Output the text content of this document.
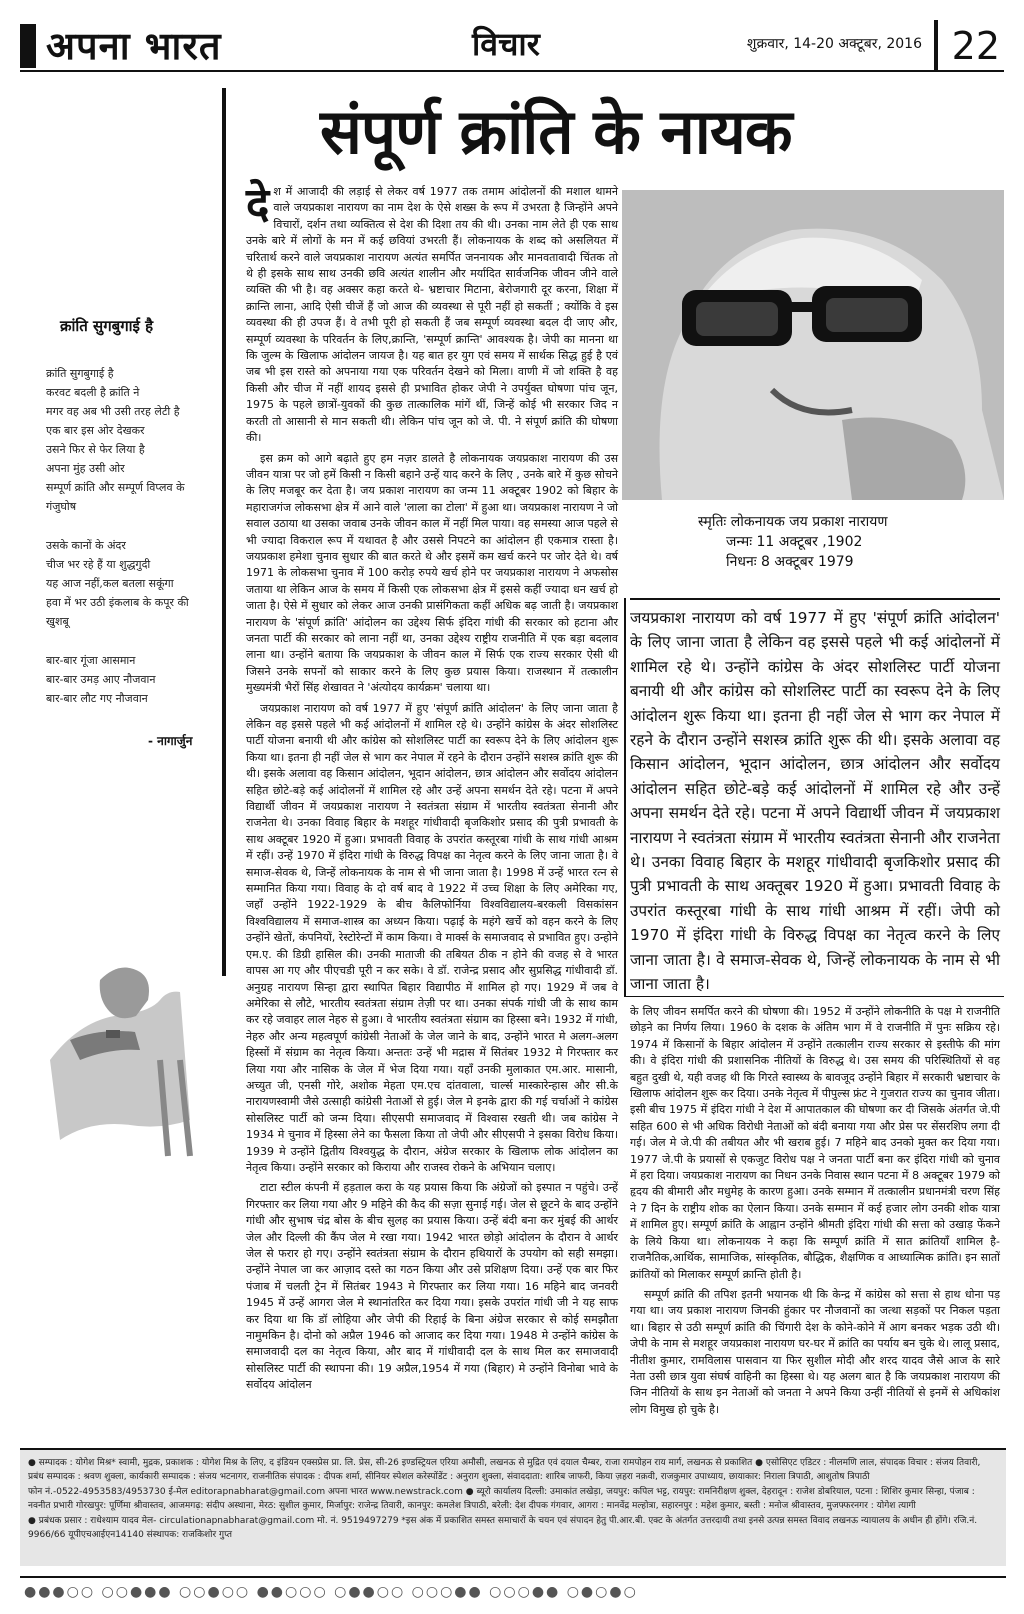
अपना भारत	विचार	शुक्रवार, 14-20 अक्टूबर, 2016 22
संपूर्ण क्रांति के नायक
क्रांति सुगबुगाई है
क्रांति सुगबुगाई है
करवट बदली है क्रांति ने
मगर वह अब भी उसी तरह लेटी है
एक बार इस ओर देखकर
उसने फिर से फेर लिया है
अपना मुंह उसी ओर
सम्पूर्ण क्रांति और सम्पूर्ण विप्लव के
गंजुघोष
उसके कानों के अंदर
चीज भर रहे हैं या शुद्धगुदी
यह आज नहीं,कल बतला सकूंगा
हवा में भर उठी इंकलाब के कपूर की
खुशबू
बार-बार गूंजा आसमान
बार-बार उमड़ आए नौजवान
बार-बार लौट गए नौजवान
- नागार्जुन

देश में आजादी की लड़ाई से लेकर वर्ष 1977 तक तमाम आंदोलनों की मशाल थामने वाले जयप्रकाश नारायण का नाम देश के ऐसे शख्स के रूप में उभरता है जिन्होंने अपने विचारों, दर्शन तथा व्यक्तित्व से देश की दिशा तय की थी। उनका नाम लेते ही एक साथ उनके बारे में लोगों के मन में कई छवियां उभरती हैं। लोकनायक के शब्द को असलियत में चरितार्थ करने वाले जयप्रकाश नारायण अत्यंत समर्पित जननायक और मानवतावादी चिंतक तो थे ही इसके साथ साथ उनकी छवि अत्यंत शालीन और मर्यादित सार्वजनिक जीवन जीने वाले व्यक्ति की भी है। वह अक्सर कहा करते थे- भ्रष्टाचार मिटाना, बेरोजगारी दूर करना, शिक्षा में क्रान्ति लाना, आदि ऐसी चीजें हैं जो आज की व्यवस्था से पूरी नहीं हो सकतीं ; क्योंकि वे इस व्यवस्था की ही उपज हैं। वे तभी पूरी हो सकती हैं जब सम्पूर्ण व्यवस्था बदल दी जाए और, सम्पूर्ण व्यवस्था के परिवर्तन के लिए,क्रान्ति, 'सम्पूर्ण क्रान्ति' आवश्यक है। जेपी का मानना था कि जुल्म के खिलाफ आंदोलन जायज है। यह बात हर युग एवं समय में सार्थक सिद्ध हुई है एवं जब भी इस रास्ते को अपनाया गया एक परिवर्तन देखने को मिला। वाणी में जो शक्ति है वह किसी और चीज में नहीं शायद इससे ही प्रभावित होकर जेपी ने उपर्युक्त घोषणा पांच जून, 1975 के पहले छात्रों-युवकों की कुछ तात्कालिक मांगें थीं, जिन्हें कोई भी सरकार जिद न करती तो आसानी से मान सकती थी। लेकिन पांच जून को जे. पी. ने संपूर्ण क्रांति की घोषणा की।

इस क्रम को आगे बढ़ाते हुए हम नज़र डालते है लोकनायक जयप्रकाश नारायण की उस जीवन यात्रा पर जो हमें किसी न किसी बहाने उन्हें याद करने के लिए , उनके बारे में कुछ सोचने के लिए मजबूर कर देता है। जय प्रकाश नारायण का जन्म 11 अक्टूबर 1902 को बिहार के महाराजगंज लोकसभा क्षेत्र में आने वाले 'लाला का टोला' में हुआ था। जयप्रकाश नारायण ने जो सवाल उठाया था उसका जवाब उनके जीवन काल में नहीं मिल पाया। वह समस्या आज पहले से भी ज्यादा विकराल रूप में यथावत है और उससे निपटने का आंदोलन ही एकमात्र रास्ता है। जयप्रकाश हमेशा चुनाव सुधार की बात करते थे और इसमें कम खर्च करने पर जोर देते थे। वर्ष 1971 के लोकसभा चुनाव में 100 करोड़ रुपये खर्च होने पर जयप्रकाश नारायण ने अफसोस जताया था लेकिन आज के समय में किसी एक लोकसभा क्षेत्र में इससे कहीं ज्यादा धन खर्च हो जाता है। ऐसे में सुधार को लेकर आज उनकी प्रासंगिकता कहीं अधिक बढ़ जाती है। जयप्रकाश नारायण के 'संपूर्ण क्रांति' आंदोलन का उद्देश्य सिर्फ इंदिरा गांधी की सरकार को हटाना और जनता पार्टी की सरकार को लाना नहीं था, उनका उद्देश्य राष्ट्रीय राजनीति में एक बड़ा बदलाव लाना था। उन्होंने बताया कि जयप्रकाश के जीवन काल में सिर्फ एक राज्य सरकार ऐसी थी जिसने उनके सपनों को साकार करने के लिए कुछ प्रयास किया। राजस्थान में तत्कालीन मुख्यमंत्री भैरों सिंह शेखावत ने 'अंत्योदय कार्यक्रम' चलाया था।

जयप्रकाश नारायण को वर्ष 1977 में हुए 'संपूर्ण क्रांति आंदोलन' के लिए जाना जाता है लेकिन वह इससे पहले भी कई आंदोलनों में शामिल रहे थे। उन्होंने कांग्रेस के अंदर सोशलिस्ट पार्टी योजना बनायी थी और कांग्रेस को सोशलिस्ट पार्टी का स्वरूप देने के लिए आंदोलन शुरू किया था। इतना ही नहीं जेल से भाग कर नेपाल में रहने के दौरान उन्होंने सशस्त्र क्रांति शुरू की थी। इसके अलावा वह किसान आंदोलन, भूदान आंदोलन, छात्र आंदोलन और सर्वोदय आंदोलन सहित छोटे-बड़े कई आंदोलनों में शामिल रहे और उन्हें अपना समर्थन देते रहे। पटना में अपने विद्यार्थी जीवन में जयप्रकाश नारायण ने स्वतंत्रता संग्राम में भारतीय स्वतंत्रता सेनानी और राजनेता थे। उनका विवाह बिहार के मशहूर गांधीवादी बृजकिशोर प्रसाद की पुत्री प्रभावती के साथ अक्टूबर 1920 में हुआ। प्रभावती विवाह के उपरांत कस्तूरबा गांधी के साथ गांधी आश्रम में रहीं। उन्हें 1970 में इंदिरा गांधी के विरुद्ध विपक्ष का नेतृत्व करने के लिए जाना जाता है। वे समाज-सेवक थे, जिन्हें लोकनायक के नाम से भी जाना जाता है। 1998 में उन्हें भारत रत्न से सम्मानित किया गया। विवाह के दो वर्ष बाद वे 1922 में उच्च शिक्षा के लिए अमेरिका गए, जहाँ उन्होंने 1922-1929 के बीच कैलिफोर्निया विश्वविद्यालय-बरकली विसकांसन विश्वविद्यालय में समाज-शास्त्र का अध्यन किया। पढ़ाई के महंगे खर्चे को वहन करने के लिए उन्होंने खेतों, कंपनियों, रेस्टोरेन्टों में काम किया। वे मार्क्स के समाजवाद से प्रभावित हुए। उन्होने एम.ए. की डिग्री हासिल की। उनकी माताजी की तबियत ठीक न होने की वजह से वे भारत वापस आ गए और पीएचडी पूरी न कर सके। वे डॉ. राजेन्द्र प्रसाद और सुप्रसिद्ध गांधीवादी डॉ. अनुग्रह नारायण सिन्हा द्वारा स्थापित बिहार विद्यापीठ में शामिल हो गए। 1929 में जब वे अमेरिका से लौटे, भारतीय स्वतंत्रता संग्राम तेज़ी पर था। उनका संपर्क गांधी जी के साथ काम कर रहे जवाहर लाल नेहरु से हुआ। वे भारतीय स्वतंत्रता संग्राम का हिस्सा बने। 1932 में गांधी, नेहरु और अन्य महत्वपूर्ण कांग्रेसी नेताओं के जेल जाने के बाद, उन्होंने भारत मे अलग-अलग हिस्सों में संग्राम का नेतृत्व किया। अन्ततः उन्हें भी मद्रास में सितंबर 1932 मे गिरफ्तार कर लिया गया और नासिक के जेल में भेज दिया गया। यहाँ उनकी मुलाकात एम.आर. मासानी, अच्युत जी, एनसी गोरे, अशोक मेहता एम.एच दांतवाला, चार्ल्स मास्कारेन्हास और सी.के नारायणस्वामी जैसे उत्साही कांग्रेसी नेताओं से हुई। जेल मे इनके द्वारा की गई चर्चाओं ने कांग्रेस सोसलिस्ट पार्टी को जन्म दिया। सीएसपी समाजवाद में विश्वास रखती थी। जब कांग्रेस ने 1934 मे चुनाव में हिस्सा लेने का फैसला किया तो जेपी और सीएसपी ने इसका विरोध किया। 1939 मे उन्होंने द्वितीय विश्वयुद्ध के दौरान, अंग्रेज सरकार के खिलाफ लोक आंदोलन का नेतृत्व किया। उन्होंने सरकार को किराया और राजस्व रोकने के अभियान चलाए।

टाटा स्टील कंपनी में हड़ताल करा के यह प्रयास किया कि अंग्रेजों को इस्पात न पहुंचे। उन्हें गिरफ्तार कर लिया गया और 9 महिने की कैद की सज़ा सुनाई गई। जेल से छूटने के बाद उन्होंने गांधी और सुभाष चंद्र बोस के बीच सुलह का प्रयास किया। उन्हें बंदी बना कर मुंबई की आर्थर जेल और दिल्ली की कैंप जेल मे रखा गया। 1942 भारत छोड़ो आंदोलन के दौरान वे आर्थर जेल से फरार हो गए। उन्होंने स्वतंत्रता संग्राम के दौरान हथियारों के उपयोग को सही समझा। उन्होंने नेपाल जा कर आज़ाद दस्ते का गठन किया और उसे प्रशिक्षण दिया। उन्हें एक बार फिर पंजाब में चलती ट्रेन में सितंबर 1943 मे गिरफ्तार कर लिया गया। 16 महिने बाद जनवरी 1945 में उन्हें आगरा जेल मे स्थानांतरित कर दिया गया। इसके उपरांत गांधी जी ने यह साफ कर दिया था कि डॉ लोहिया और जेपी की रिहाई के बिना अंग्रेज सरकार से कोई समझौता नामुमकिन है। दोनो को अप्रैल 1946 को आजाद कर दिया गया। 1948 मे उन्होंने कांग्रेस के समाजवादी दल का नेतृत्व किया, और बाद में गांधीवादी दल के साथ मिल कर समाजवादी सोसलिस्ट पार्टी की स्थापना की। 19 अप्रैल,1954 में गया (बिहार) मे उन्होंने विनोबा भावे के सर्वोदय आंदोलन

स्मृतिः लोकनायक जय प्रकाश नारायण
जन्मः 11 अक्टूबर ,1902
निधनः 8 अक्टूबर 1979
जयप्रकाश नारायण को वर्ष 1977 में हुए 'संपूर्ण क्रांति आंदोलन' के लिए जाना जाता है लेकिन वह इससे पहले भी कई आंदोलनों में शामिल रहे थे। उन्होंने कांग्रेस के अंदर सोशलिस्ट पार्टी योजना बनायी थी और कांग्रेस को सोशलिस्ट पार्टी का स्वरूप देने के लिए आंदोलन शुरू किया था। इतना ही नहीं जेल से भाग कर नेपाल में रहने के दौरान उन्होंने सशस्त्र क्रांति शुरू की थी। इसके अलावा वह किसान आंदोलन, भूदान आंदोलन, छात्र आंदोलन और सर्वोदय आंदोलन सहित छोटे-बड़े कई आंदोलनों में शामिल रहे और उन्हें अपना समर्थन देते रहे। पटना में अपने विद्यार्थी जीवन में जयप्रकाश नारायण ने स्वतंत्रता संग्राम में भारतीय स्वतंत्रता सेनानी और राजनेता थे। उनका विवाह बिहार के मशहूर गांधीवादी बृजकिशोर प्रसाद की पुत्री प्रभावती के साथ अक्तूबर 1920 में हुआ। प्रभावती विवाह के उपरांत कस्तूरबा गांधी के साथ गांधी आश्रम में रहीं। जेपी को 1970 में इंदिरा गांधी के विरुद्ध विपक्ष का नेतृत्व करने के लिए जाना जाता है। वे समाज-सेवक थे, जिन्हें लोकनायक के नाम से भी जाना जाता है।

के लिए जीवन समर्पित करने की घोषणा की। 1952 में उन्होंने लोकनीति के पक्ष मे राजनीति छोड़ने का निर्णय लिया। 1960 के दशक के अंतिम भाग में वे राजनीति में पुनः सक्रिय रहे। 1974 में किसानों के बिहार आंदोलन में उन्होंने तत्कालीन राज्य सरकार से इस्तीफे की मांग की। वे इंदिरा गांधी की प्रशासनिक नीतियों के विरुद्ध थे। उस समय की परिस्थितियों से वह बहुत दुखी थे, यही वजह थी कि गिरते स्वास्थ्य के बावजूद उन्होंने बिहार में सरकारी भ्रष्टाचार के खिलाफ आंदोलन शुरू कर दिया। उनके नेतृत्व में पीपुल्स फ्रंट ने गुजरात राज्य का चुनाव जीता। इसी बीच 1975 में इंदिरा गांधी ने देश में आपातकाल की घोषणा कर दी जिसके अंतर्गत जे.पी सहित 600 से भी अधिक विरोधी नेताओं को बंदी बनाया गया और प्रेस पर सेंसरशिप लगा दी गई। जेल मे जे.पी की तबीयत और भी खराब हुई। 7 महिने बाद उनको मुक्त कर दिया गया। 1977 जे.पी के प्रयासों से एकजुट विरोध पक्ष ने जनता पार्टी बना कर इंदिरा गांधी को चुनाव में हरा दिया। जयप्रकाश नारायण का निधन उनके निवास स्थान पटना में 8 अक्टूबर 1979 को हृदय की बीमारी और मधुमेह के कारण हुआ। उनके सम्मान में तत्कालीन प्रधानमंत्री चरण सिंह ने 7 दिन के राष्ट्रीय शोक का ऐलान किया। उनके सम्मान में कई हजार लोग उनकी शोक यात्रा में शामिल हुए। सम्पूर्ण क्रांति के आह्वान उन्होंने श्रीमती इंदिरा गांधी की सत्ता को उखाड़ फेंकने के लिये किया था। लोकनायक ने कहा कि सम्पूर्ण क्रांति में सात क्रांतियाँ शामिल है-राजनैतिक,आर्थिक, सामाजिक, सांस्कृतिक, बौद्धिक, शैक्षणिक व आध्यात्मिक क्रांति। इन सातों क्रांतियों को मिलाकर सम्पूर्ण क्रान्ति होती है।

सम्पूर्ण क्रांति की तपिश इतनी भयानक थी कि केन्द्र में कांग्रेस को सत्ता से हाथ धोना पड़ गया था। जय प्रकाश नारायण जिनकी हुंकार पर नौजवानों का जत्था सड़कों पर निकल पड़ता था। बिहार से उठी सम्पूर्ण क्रांति की चिंगारी देश के कोने-कोने में आग बनकर भड़क उठी थी। जेपी के नाम से मशहूर जयप्रकाश नारायण घर-घर में क्रांति का पर्याय बन चुके थे। लालू प्रसाद, नीतीश कुमार, रामविलास पासवान या फिर सुशील मोदी और शरद यादव जैसे आज के सारे नेता उसी छात्र युवा संघर्ष वाहिनी का हिस्सा थे। यह अलग बात है कि जयप्रकाश नारायण की जिन नीतियों के साथ इन नेताओं को जनता ने अपने किया उन्हीं नीतियों से इनमें से अधिकांश लोग विमुख हो चुके है।

● सम्पादक : योगेश मिश्र* स्वामी, मुद्रक, प्रकाशक : योगेश मिश्र के लिए, द इंडियन एक्सप्रेस प्रा. लि. प्रेस, सी-26 इण्डस्ट्रियल एरिया अमौसी, लखनऊ से मुद्रित एवं दयाल चैम्बर, राजा रामपोहन राय मार्ग, लखनऊ से प्रकाशित ● एसोसिएट एडिटर : नीलमणि लाल, संपादक विचार : संजय तिवारी, प्रबंध सम्पादक : श्रवण शुक्ला, कार्यकारी सम्पादक : संजय भटनागर, राजनीतिक संपादक : दीपक शर्मा, सीनियर स्पेशल करेस्पोंडेंट : अनुराग शुक्ला, संवाददाता: शारिब जाफरी, किया ज़हरा नक़वी, राजकुमार उपाध्याय, छायाकार: निराला त्रिपाठी, आशुतोष त्रिपाठी

फोन नं.-0522-4953583/4953730 ई-मेल editorapnabharat@gmail.com अपना भारत www.newstrack.com ● ब्यूरो कार्यालय दिल्ली: उमाकांत लखेड़ा, जयपुर: कपिल भट्ट, रायपुर: रामनिरीक्षण शुक्ल, देहरादून : राजेश डोबरियाल, पटना : शिशिर कुमार सिन्हा, पंजाब : नवनीत प्रभारी गोरखपुर: पूर्णिमा श्रीवास्तव, आजमगढ़: संदीप अस्थाना, मेरठ: सुशील कुमार, मिर्जापुर: राजेन्द्र तिवारी, कानपुर: कमलेश त्रिपाठी, बरेली: देश दीपक गंगवार, आगरा : मानवेंद्र मल्होत्रा, सहारनपुर : महेश कुमार, बस्ती : मनोज श्रीवास्तव, मुजफ्फरनगर : योगेश त्यागी

● प्रबंधक प्रसार : राधेश्याम यादव मेल- circulationapnabharat@gmail.com मो. नं. 9519497279 *इस अंक में प्रकाशित समस्त समाचारों के चयन एवं संपादन हेतु पी.आर.बी. एक्ट के अंतर्गत उत्तरदायी तथा इनसे उत्पन्न समस्त विवाद लखनऊ न्यायालय के अधीन ही होंगे। रजि.नं. 9966/66 यूपीएचआईएन14140 संस्थापक: राजकिशोर गुप्त

●●●○○ ○○●●● ○○●○○ ●●○○○ ○●●○○ ○○○●● ○○○●● ○●○●○
